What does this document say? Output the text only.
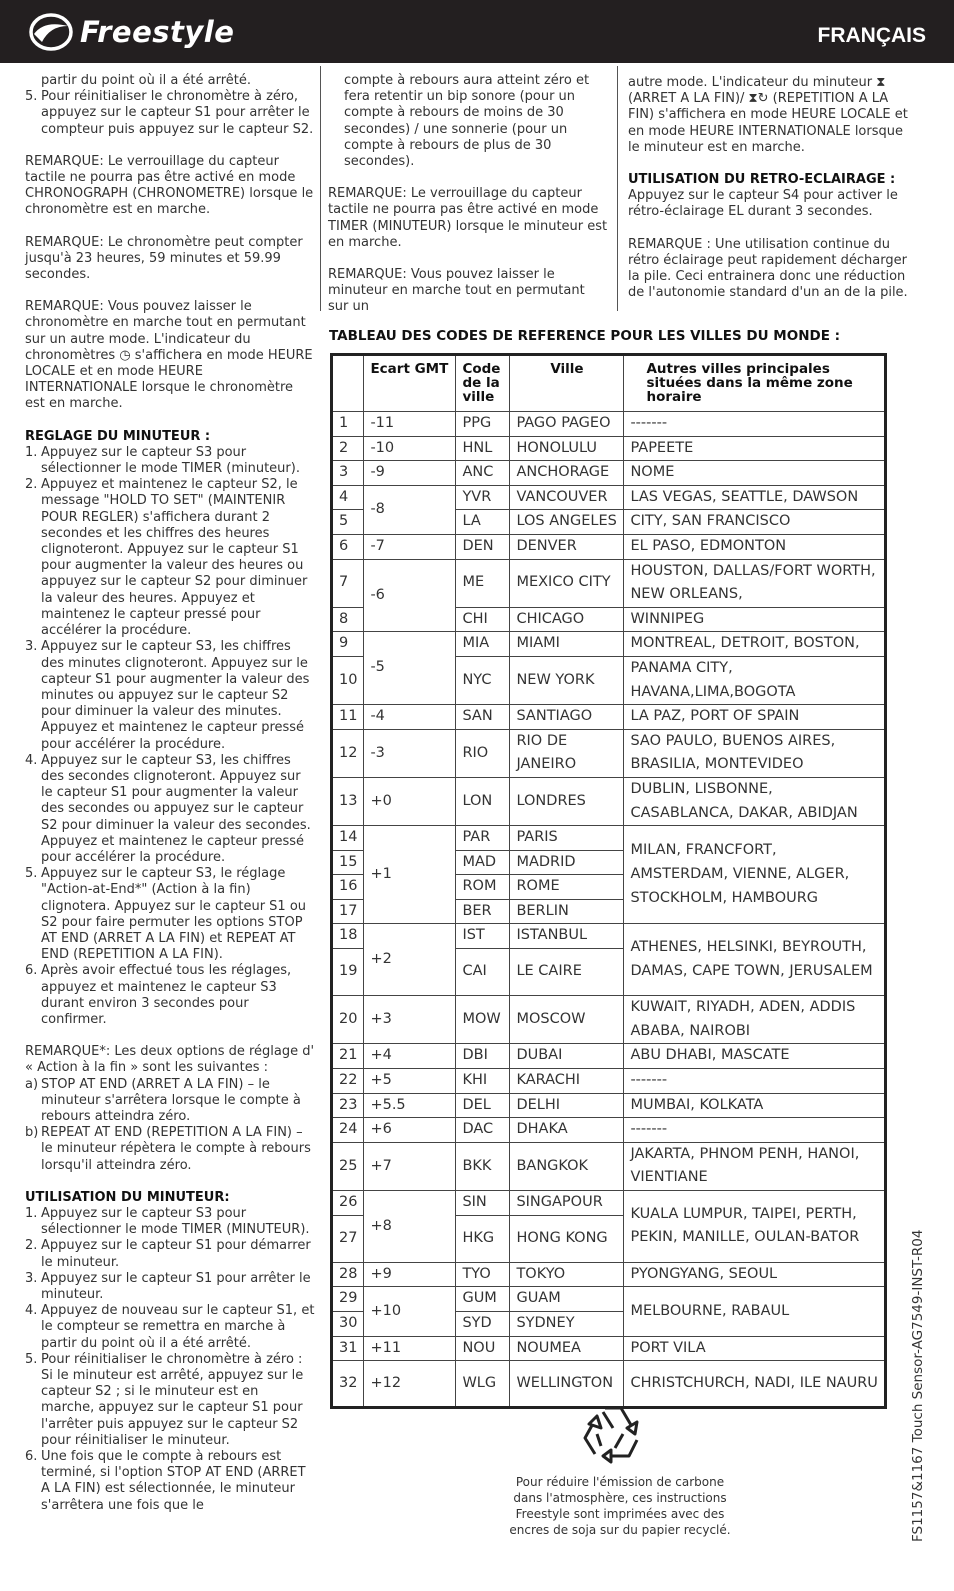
Freestyle	FRANÇAIS

partir du point où il a été arrêté.

5. Pour réinitialiser le chronomètre à zéro, appuyez sur le capteur S1 pour arrêter le compteur puis appuyez sur le capteur S2.

REMARQUE: Le verrouillage du capteur tactile ne pourra pas être activé en mode CHRONOGRAPH (CHRONOMETRE) lorsque le chronomètre est en marche.

REMARQUE: Le chronomètre peut compter jusqu'à 23 heures, 59 minutes et 59.99 secondes.

REMARQUE: Vous pouvez laisser le chronomètre en marche tout en permutant sur un autre mode. L'indicateur du chronomètres ◷ s'affichera en mode HEURE LOCALE et en mode HEURE INTERNATIONALE lorsque le chronomètre est en marche.

REGLAGE DU MINUTEUR :

1. Appuyez sur le capteur S3 pour sélectionner le mode TIMER (minuteur).
2. Appuyez et maintenez le capteur S2, le message "HOLD TO SET" (MAINTENIR POUR REGLER) s'affichera durant 2 secondes et les chiffres des heures clignoteront. Appuyez sur le capteur S1 pour augmenter la valeur des heures ou appuyez sur le capteur S2 pour diminuer la valeur des heures. Appuyez et maintenez le capteur pressé pour accélérer la procédure.
3. Appuyez sur le capteur S3, les chiffres des minutes clignoteront. Appuyez sur le capteur S1 pour augmenter la valeur des minutes ou appuyez sur le capteur S2 pour diminuer la valeur des minutes. Appuyez et maintenez le capteur pressé pour accélérer la procédure.
4. Appuyez sur le capteur S3, les chiffres des secondes clignoteront. Appuyez sur le capteur S1 pour augmenter la valeur des secondes ou appuyez sur le capteur S2 pour diminuer la valeur des secondes. Appuyez et maintenez le capteur pressé pour accélérer la procédure.
5. Appuyez sur le capteur S3, le réglage "Action-at-End*" (Action à la fin) clignotera. Appuyez sur le capteur S1 ou S2 pour faire permuter les options STOP AT END (ARRET A LA FIN) et REPEAT AT END (REPETITION A LA FIN).
6. Après avoir effectué tous les réglages, appuyez et maintenez le capteur S3 durant environ 3 secondes pour confirmer.

REMARQUE*: Les deux options de réglage d' « Action à la fin » sont les suivantes :

a) STOP AT END (ARRET A LA FIN) – le minuteur s'arrêtera lorsque le compte à rebours atteindra zéro.
b) REPEAT AT END (REPETITION A LA FIN) – le minuteur répètera le compte à rebours lorsqu'il atteindra zéro.

UTILISATION DU MINUTEUR:

1. Appuyez sur le capteur S3 pour sélectionner le mode TIMER (MINUTEUR).
2. Appuyez sur le capteur S1 pour démarrer le minuteur.
3. Appuyez sur le capteur S1 pour arrêter le minuteur.
4. Appuyez de nouveau sur le capteur S1, et le compteur se remettra en marche à partir du point où il a été arrêté.
5. Pour réinitialiser le chronomètre à zéro : Si le minuteur est arrêté, appuyez sur le capteur S2 ; si le minuteur est en marche, appuyez sur le capteur S1 pour l'arrêter puis appuyez sur le capteur S2 pour réinitialiser le minuteur.
6. Une fois que le compte à rebours est terminé, si l'option STOP AT END (ARRET A LA FIN) est sélectionnée, le minuteur s'arrêtera une fois que le

compte à rebours aura atteint zéro et fera retentir un bip sonore (pour un compte à rebours de moins de 30 secondes) / une sonnerie (pour un compte à rebours de plus de 30 secondes).

REMARQUE: Le verrouillage du capteur tactile ne pourra pas être activé en mode TIMER (MINUTEUR) lorsque le minuteur est en marche.

REMARQUE: Vous pouvez laisser le minuteur en marche tout en permutant sur un

autre mode. L'indicateur du minuteur ⧗ (ARRET A LA FIN)/ ⧗↻ (REPETITION A LA FIN) s'affichera en mode HEURE LOCALE et en mode HEURE INTERNATIONALE lorsque le minuteur est en marche.

UTILISATION DU RETRO-ECLAIRAGE :

Appuyez sur le capteur S4 pour activer le rétro-éclairage EL durant 3 secondes.

REMARQUE : Une utilisation continue du rétro éclairage peut rapidement décharger la pile. Ceci entrainera donc une réduction de l'autonomie standard d'un an de la pile.

TABLEAU DES CODES DE REFERENCE POUR LES VILLES DU MONDE :
	Ecart GMT	Code de la ville	Ville	Autres villes principales situées dans la même zone horaire
1	-11	PPG	PAGO PAGEO	-------
2	-10	HNL	HONOLULU	PAPEETE
3	-9	ANC	ANCHORAGE	NOME
4	-8	YVR	VANCOUVER	LAS VEGAS, SEATTLE, DAWSON
5		LA	LOS ANGELES	CITY, SAN FRANCISCO
6	-7	DEN	DENVER	EL PASO, EDMONTON
7	-6	ME	MEXICO CITY	HOUSTON, DALLAS/FORT WORTH, NEW ORLEANS,
8		CHI	CHICAGO	WINNIPEG
9	-5	MIA	MIAMI	MONTREAL, DETROIT, BOSTON,
10		NYC	NEW YORK	PANAMA CITY, HAVANA,LIMA,BOGOTA
11	-4	SAN	SANTIAGO	LA PAZ, PORT OF SPAIN
12	-3	RIO	RIO DE JANEIRO	SAO PAULO, BUENOS AIRES, BRASILIA, MONTEVIDEO
13	+0	LON	LONDRES	DUBLIN, LISBONNE, CASABLANCA, DAKAR, ABIDJAN
14	+1	PAR	PARIS	MILAN, FRANCFORT, AMSTERDAM, VIENNE, ALGER, STOCKHOLM, HAMBOURG
15		MAD	MADRID	
16		ROM	ROME	
17		BER	BERLIN	
18	+2	IST	ISTANBUL	ATHENES, HELSINKI, BEYROUTH, DAMAS, CAPE TOWN, JERUSALEM
19		CAI	LE CAIRE	
20	+3	MOW	MOSCOW	KUWAIT, RIYADH, ADEN, ADDIS ABABA, NAIROBI
21	+4	DBI	DUBAI	ABU DHABI, MASCATE
22	+5	KHI	KARACHI	-------
23	+5.5	DEL	DELHI	MUMBAI, KOLKATA
24	+6	DAC	DHAKA	-------
25	+7	BKK	BANGKOK	JAKARTA, PHNOM PENH, HANOI, VIENTIANE
26	+8	SIN	SINGAPOUR	KUALA LUMPUR, TAIPEI, PERTH, PEKIN, MANILLE, OULAN-BATOR
27		HKG	HONG KONG	
28	+9	TYO	TOKYO	PYONGYANG, SEOUL
29	+10	GUM	GUAM	MELBOURNE, RABAUL
30		SYD	SYDNEY	
31	+11	NOU	NOUMEA	PORT VILA
32	+12	WLG	WELLINGTON	CHRISTCHURCH, NADI, ILE NAURU
Pour réduire l'émission de carbone dans l'atmosphère, ces instructions Freestyle sont imprimées avec des encres de soja sur du papier recyclé.	FS1157&1167 Touch Sensor-AG7549-INST-R04
